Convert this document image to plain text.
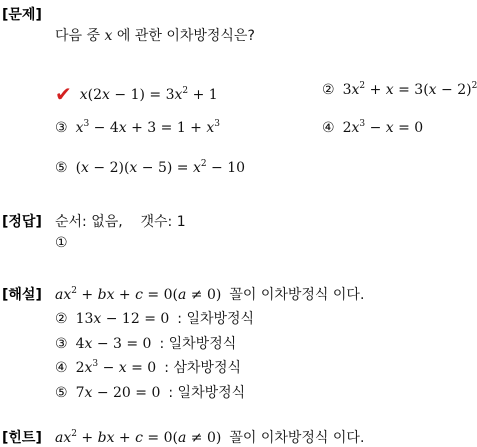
[문제]
다음 중 x 에 관한 이차방정식은?
✔ $x(2x - 1) = 3x^2 + 1$	② $3x^2 + x = 3(x - 2)^2$
③ $x^3 - 4x + 3 = 1 + x^3$	④ $2x^3 - x = 0$
⑤ $(x - 2)(x - 5) = x^2 - 10$
[정답] 순서: 없음,    갯수: 1
①
[해설] $ax^2$ + bx + c = 0(a ≠ 0) 꼴이 이차방정식 이다.
② 13x − 12 = 0 : 일차방정식
③ 4x − 3 = 0 : 일차방정식
④ $2x^3 - x = 0$ : 삼차방정식
⑤ 7x − 20 = 0 : 일차방정식
[힌트] $ax^2$ + bx + c = 0(a ≠ 0) 꼴이 이차방정식 이다.
